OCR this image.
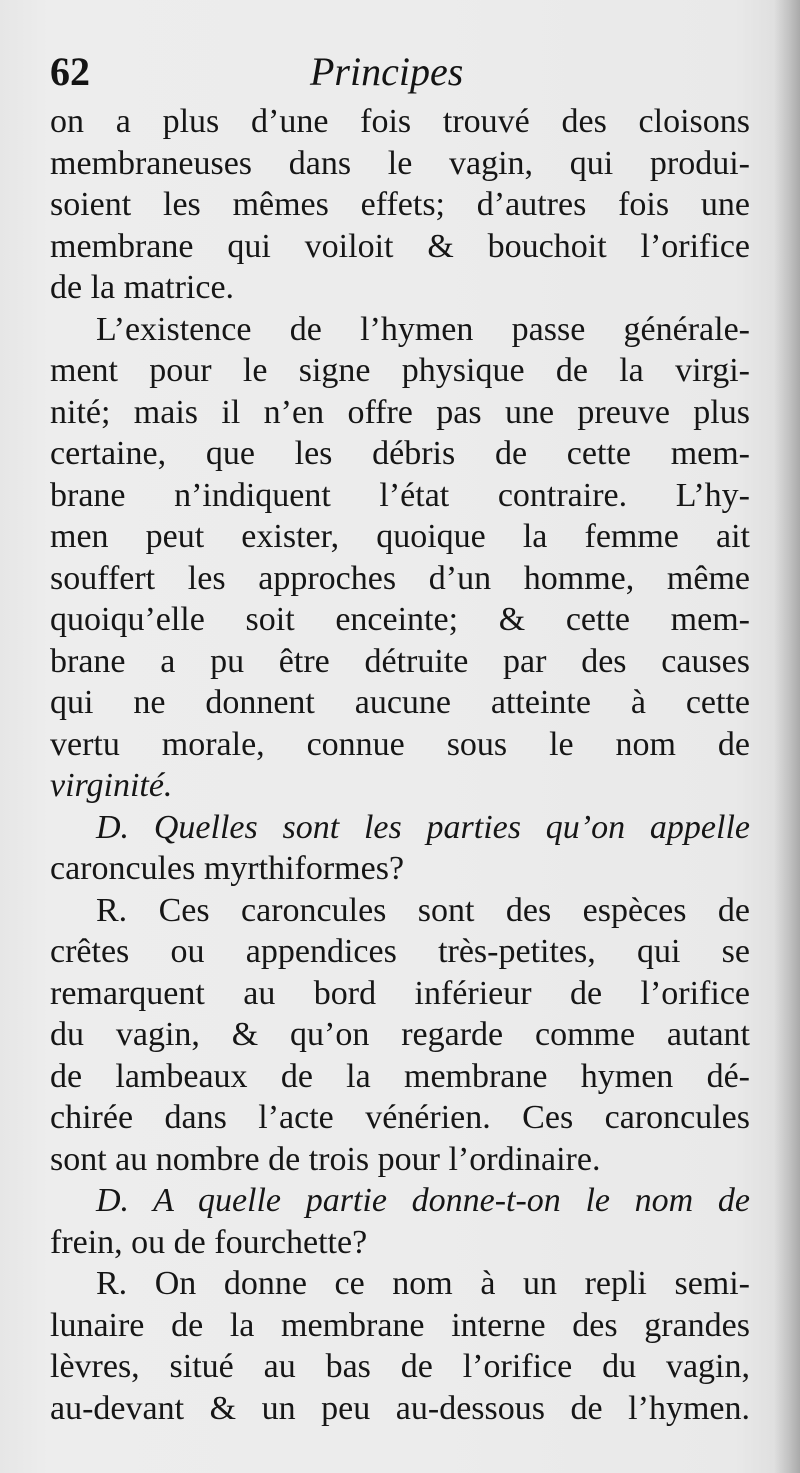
62	Principes
on a plus d’une fois trouvé des cloisons
membraneuses dans le vagin, qui produi-
soient les mêmes effets; d’autres fois une
membrane qui voiloit & bouchoit l’orifice
de la matrice.
L’existence de l’hymen passe générale-
ment pour le signe physique de la virgi-
nité; mais il n’en offre pas une preuve plus
certaine, que les débris de cette mem-
brane n’indiquent l’état contraire. L’hy-
men peut exister, quoique la femme ait
souffert les approches d’un homme, même
quoiqu’elle soit enceinte; & cette mem-
brane a pu être détruite par des causes
qui ne donnent aucune atteinte à cette
vertu morale, connue sous le nom de
virginité.
D. Quelles sont les parties qu’on appelle
caroncules myrthiformes?
R. Ces caroncules sont des espèces de
crêtes ou appendices très-petites, qui se
remarquent au bord inférieur de l’orifice
du vagin, & qu’on regarde comme autant
de lambeaux de la membrane hymen dé-
chirée dans l’acte vénérien. Ces caroncules
sont au nombre de trois pour l’ordinaire.
D. A quelle partie donne-t-on le nom de
frein, ou de fourchette?
R. On donne ce nom à un repli semi-
lunaire de la membrane interne des grandes
lèvres, situé au bas de l’orifice du vagin,
au-devant & un peu au-dessous de l’hymen.
